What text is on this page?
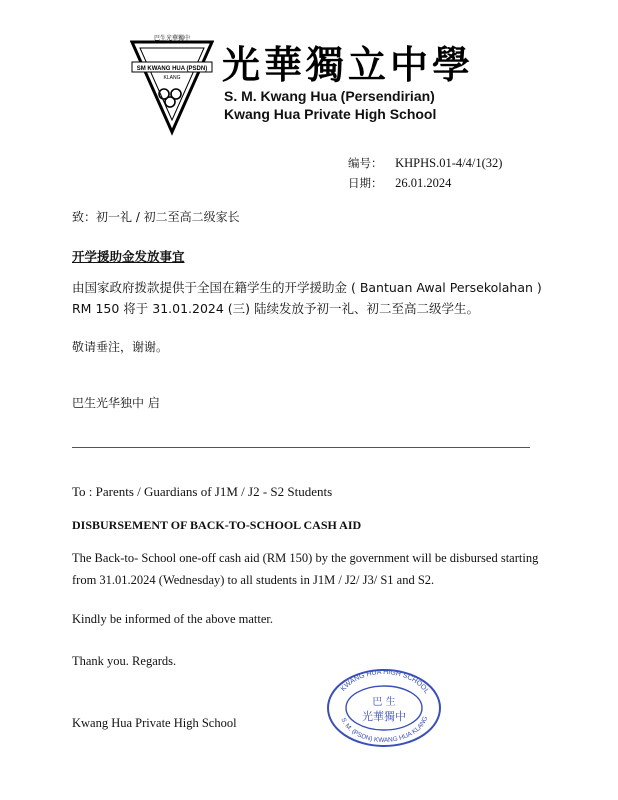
SM KWANG HUA (PSDN)
KLANG
巴生光華獨中

光華獨立中學

S. M. Kwang Hua (Persendirian)

Kwang Hua Private High School

编号： KHPHS.01-4/4/1(32)
日期： 26.01.2024

致：初一礼 / 初二至高二级家长

开学援助金发放事宜

由国家政府拨款提供于全国在籍学生的开学援助金 ( Bantuan Awal Persekolahan ) RM 150 将于 31.01.2024 (三) 陆续发放予初一礼、初二至高二级学生。

敬请垂注，谢谢。

巴生光华独中 启

To : Parents / Guardians of J1M / J2 - S2 Students

DISBURSEMENT OF BACK-TO-SCHOOL CASH AID

The Back-to- School one-off cash aid (RM 150) by the government will be disbursed starting from 31.01.2024 (Wednesday) to all students in J1M / J2/ J3/ S1 and S2.

Kindly be informed of the above matter.

Thank you. Regards.

Kwang Hua Private High School

KWANG HUA HIGH SCHOOL
S. M. (PSDN) KWANG HUA KLANG
巴 生
光華獨中
